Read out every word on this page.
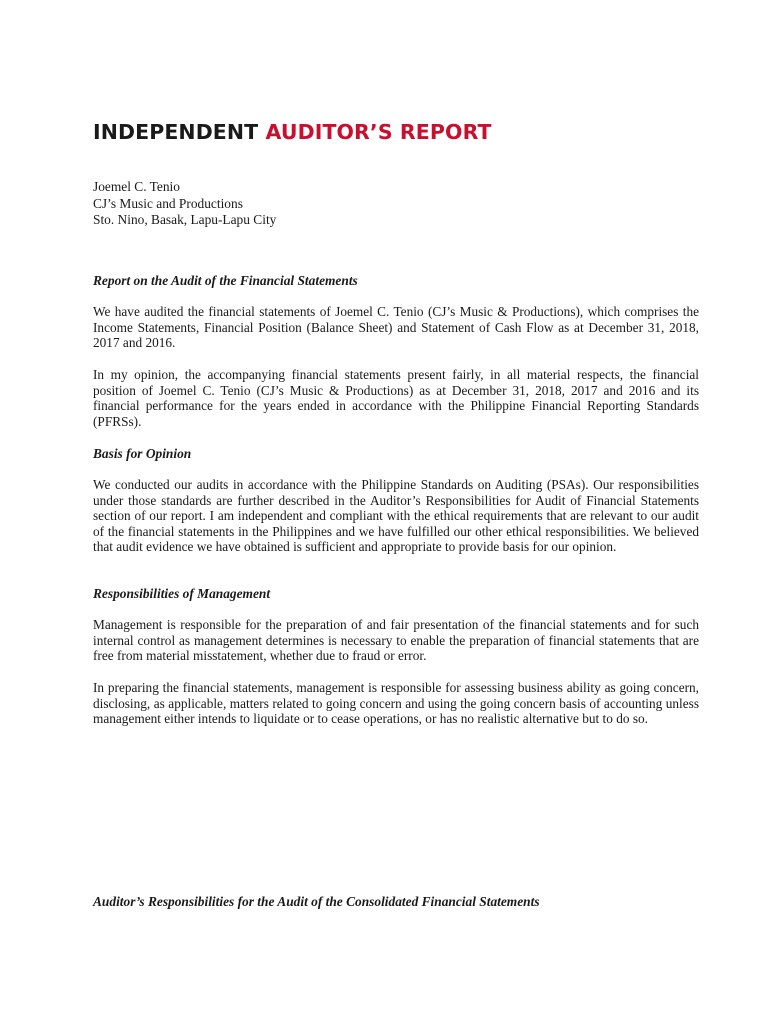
INDEPENDENT AUDITOR’S REPORT
Joemel C. Tenio
CJ’s Music and Productions
Sto. Nino, Basak, Lapu-Lapu City
Report on the Audit of the Financial Statements
We have audited the financial statements of Joemel C. Tenio (CJ’s Music & Productions), which comprises the Income Statements, Financial Position (Balance Sheet) and Statement of Cash Flow as at December 31, 2018, 2017 and 2016.
In my opinion, the accompanying financial statements present fairly, in all material respects, the financial position of Joemel C. Tenio (CJ’s Music & Productions) as at December 31, 2018, 2017 and 2016 and its financial performance for the years ended in accordance with the Philippine Financial Reporting Standards (PFRSs).
Basis for Opinion
We conducted our audits in accordance with the Philippine Standards on Auditing (PSAs). Our responsibilities under those standards are further described in the Auditor’s Responsibilities for Audit of Financial Statements section of our report. I am independent and compliant with the ethical requirements that are relevant to our audit of the financial statements in the Philippines and we have fulfilled our other ethical responsibilities. We believed that audit evidence we have obtained is sufficient and appropriate to provide basis for our opinion.
Responsibilities of Management
Management is responsible for the preparation of and fair presentation of the financial statements and for such internal control as management determines is necessary to enable the preparation of financial statements that are free from material misstatement, whether due to fraud or error.
In preparing the financial statements, management is responsible for assessing business ability as going concern, disclosing, as applicable, matters related to going concern and using the going concern basis of accounting unless management either intends to liquidate or to cease operations, or has no realistic alternative but to do so.
Auditor’s Responsibilities for the Audit of the Consolidated Financial Statements
